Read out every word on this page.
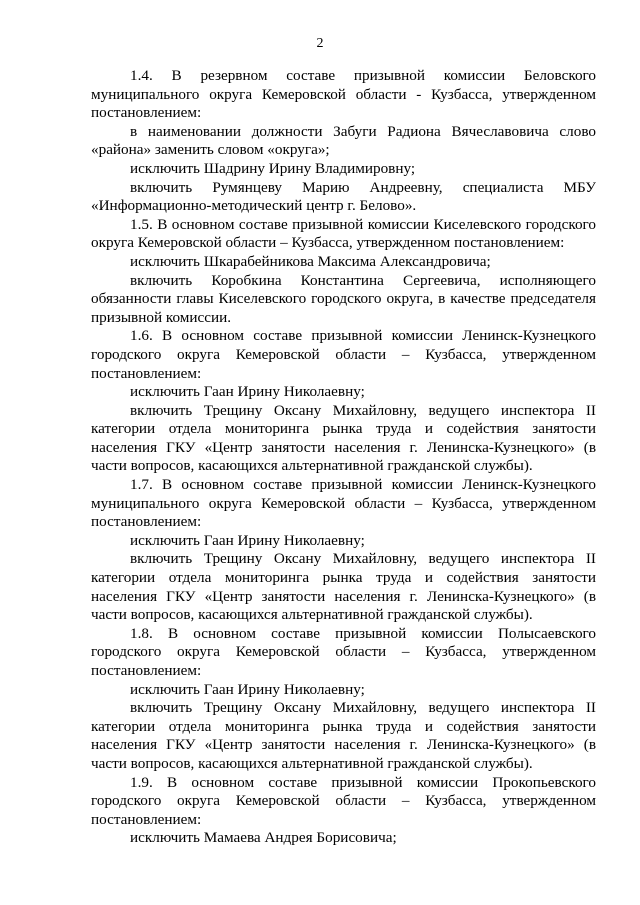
2

1.4. В резервном составе призывной комиссии Беловского муниципального округа Кемеровской области - Кузбасса, утвержденном постановлением:

в наименовании должности Забуги Радиона Вячеславовича слово «района» заменить словом «округа»;

исключить Шадрину Ирину Владимировну;

включить Румянцеву Марию Андреевну, специалиста МБУ «Информационно-методический центр г. Белово».

1.5. В основном составе призывной комиссии Киселевского городского округа Кемеровской области – Кузбасса, утвержденном постановлением:

исключить Шкарабейникова Максима Александровича;

включить Коробкина Константина Сергеевича, исполняющего обязанности главы Киселевского городского округа, в качестве председателя призывной комиссии.

1.6. В основном составе призывной комиссии Ленинск-Кузнецкого городского округа Кемеровской области – Кузбасса, утвержденном постановлением:

исключить Гаан Ирину Николаевну;

включить Трещину Оксану Михайловну, ведущего инспектора II категории отдела мониторинга рынка труда и содействия занятости населения ГКУ «Центр занятости населения г. Ленинска-Кузнецкого» (в части вопросов, касающихся альтернативной гражданской службы).

1.7. В основном составе призывной комиссии Ленинск-Кузнецкого муниципального округа Кемеровской области – Кузбасса, утвержденном постановлением:

исключить Гаан Ирину Николаевну;

включить Трещину Оксану Михайловну, ведущего инспектора II категории отдела мониторинга рынка труда и содействия занятости населения ГКУ «Центр занятости населения г. Ленинска-Кузнецкого» (в части вопросов, касающихся альтернативной гражданской службы).

1.8. В основном составе призывной комиссии Полысаевского городского округа Кемеровской области – Кузбасса, утвержденном постановлением:

исключить Гаан Ирину Николаевну;

включить Трещину Оксану Михайловну, ведущего инспектора II категории отдела мониторинга рынка труда и содействия занятости населения ГКУ «Центр занятости населения г. Ленинска-Кузнецкого» (в части вопросов, касающихся альтернативной гражданской службы).

1.9. В основном составе призывной комиссии Прокопьевского городского округа Кемеровской области – Кузбасса, утвержденном постановлением:

исключить Мамаева Андрея Борисовича;
